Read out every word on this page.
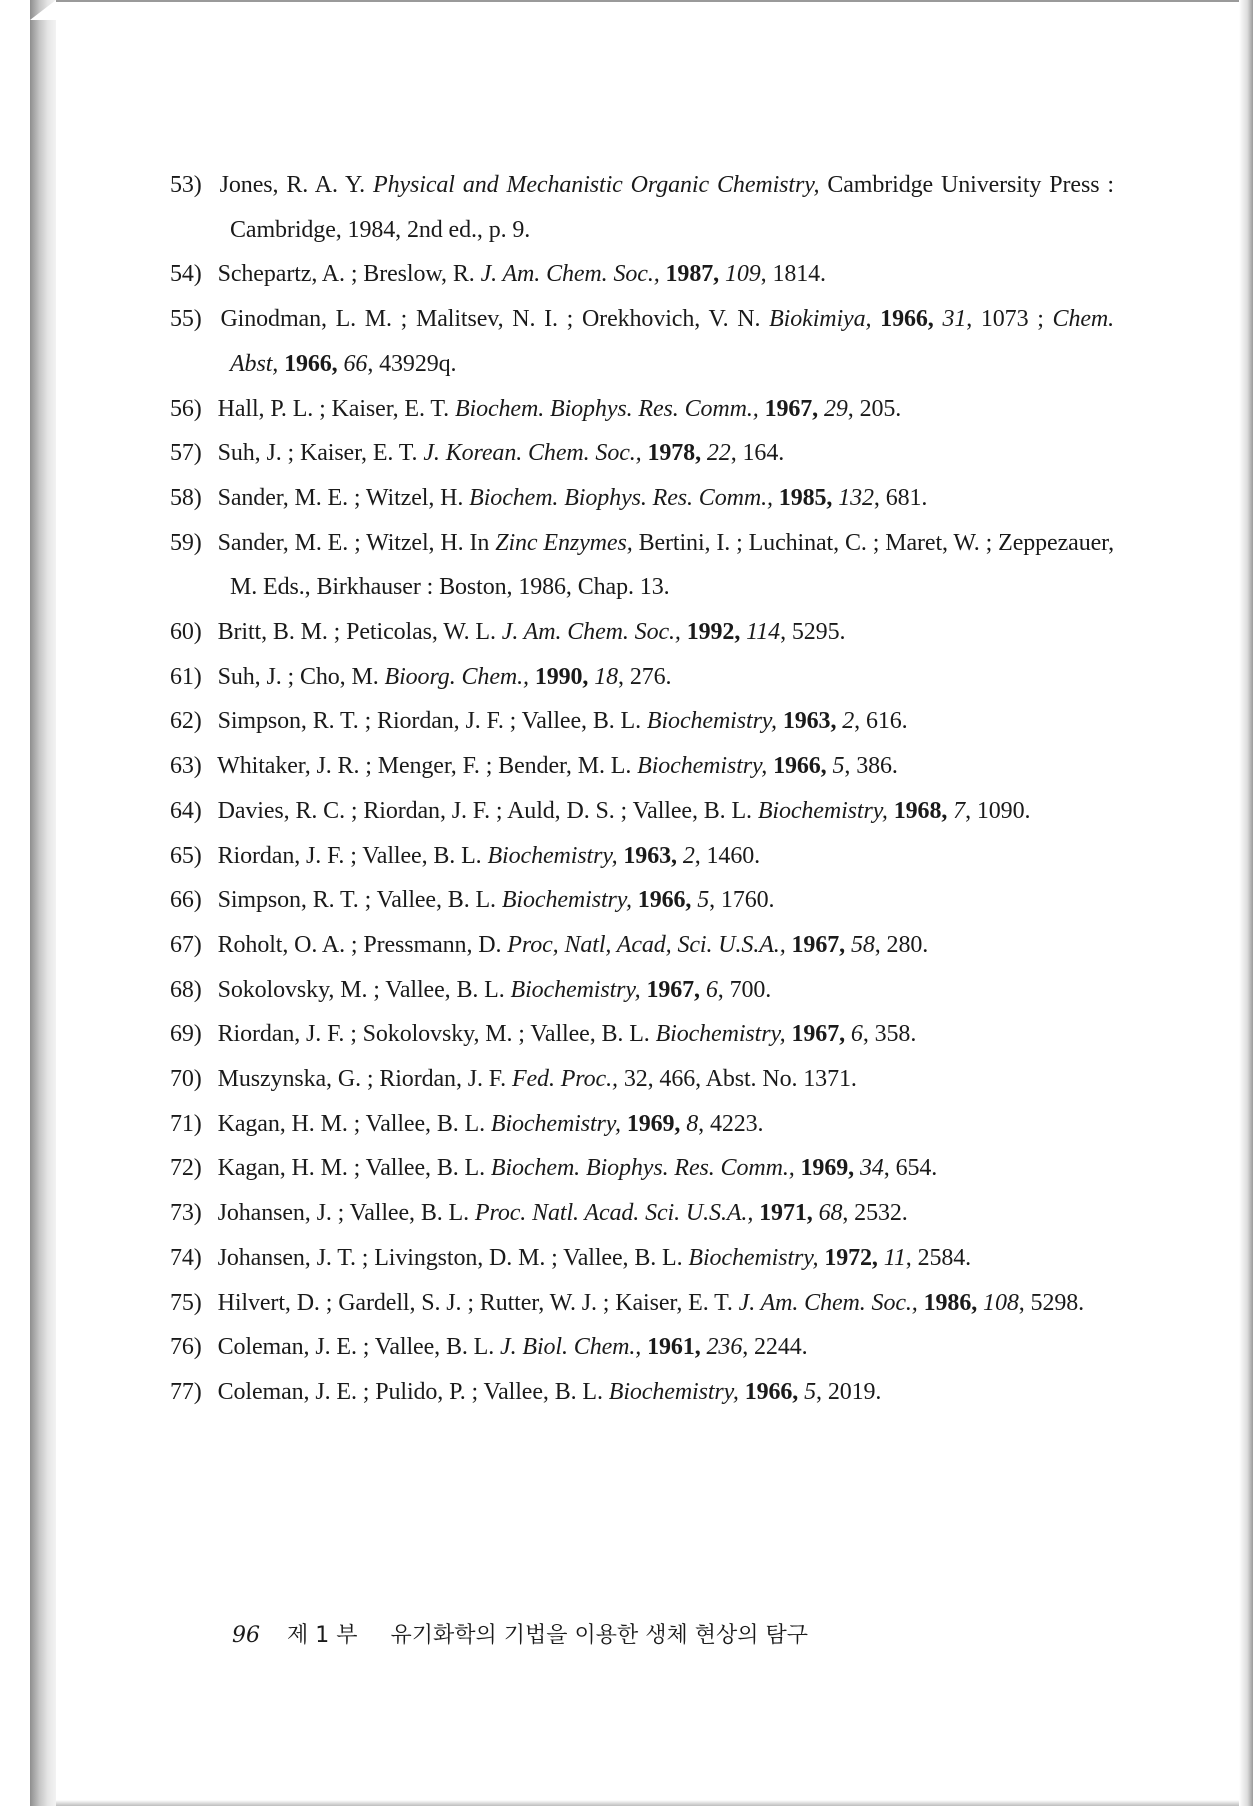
53) Jones, R. A. Y. Physical and Mechanistic Organic Chemistry, Cambridge University Press : Cambridge, 1984, 2nd ed., p. 9.
54) Schepartz, A. ; Breslow, R. J. Am. Chem. Soc., 1987, 109, 1814.
55) Ginodman, L. M. ; Malitsev, N. I. ; Orekhovich, V. N. Biokimiya, 1966, 31, 1073 ; Chem. Abst, 1966, 66, 43929q.
56) Hall, P. L. ; Kaiser, E. T. Biochem. Biophys. Res. Comm., 1967, 29, 205.
57) Suh, J. ; Kaiser, E. T. J. Korean. Chem. Soc., 1978, 22, 164.
58) Sander, M. E. ; Witzel, H. Biochem. Biophys. Res. Comm., 1985, 132, 681.
59) Sander, M. E. ; Witzel, H. In Zinc Enzymes, Bertini, I. ; Luchinat, C. ; Maret, W. ; Zeppezauer, M. Eds., Birkhauser : Boston, 1986, Chap. 13.
60) Britt, B. M. ; Peticolas, W. L. J. Am. Chem. Soc., 1992, 114, 5295.
61) Suh, J. ; Cho, M. Bioorg. Chem., 1990, 18, 276.
62) Simpson, R. T. ; Riordan, J. F. ; Vallee, B. L. Biochemistry, 1963, 2, 616.
63) Whitaker, J. R. ; Menger, F. ; Bender, M. L. Biochemistry, 1966, 5, 386.
64) Davies, R. C. ; Riordan, J. F. ; Auld, D. S. ; Vallee, B. L. Biochemistry, 1968, 7, 1090.
65) Riordan, J. F. ; Vallee, B. L. Biochemistry, 1963, 2, 1460.
66) Simpson, R. T. ; Vallee, B. L. Biochemistry, 1966, 5, 1760.
67) Roholt, O. A. ; Pressmann, D. Proc, Natl, Acad, Sci. U.S.A., 1967, 58, 280.
68) Sokolovsky, M. ; Vallee, B. L. Biochemistry, 1967, 6, 700.
69) Riordan, J. F. ; Sokolovsky, M. ; Vallee, B. L. Biochemistry, 1967, 6, 358.
70) Muszynska, G. ; Riordan, J. F. Fed. Proc., 32, 466, Abst. No. 1371.
71) Kagan, H. M. ; Vallee, B. L. Biochemistry, 1969, 8, 4223.
72) Kagan, H. M. ; Vallee, B. L. Biochem. Biophys. Res. Comm., 1969, 34, 654.
73) Johansen, J. ; Vallee, B. L. Proc. Natl. Acad. Sci. U.S.A., 1971, 68, 2532.
74) Johansen, J. T. ; Livingston, D. M. ; Vallee, B. L. Biochemistry, 1972, 11, 2584.
75) Hilvert, D. ; Gardell, S. J. ; Rutter, W. J. ; Kaiser, E. T. J. Am. Chem. Soc., 1986, 108, 5298.
76) Coleman, J. E. ; Vallee, B. L. J. Biol. Chem., 1961, 236, 2244.
77) Coleman, J. E. ; Pulido, P. ; Vallee, B. L. Biochemistry, 1966, 5, 2019.
96 제 1 부 유기화학의 기법을 이용한 생체 현상의 탐구
